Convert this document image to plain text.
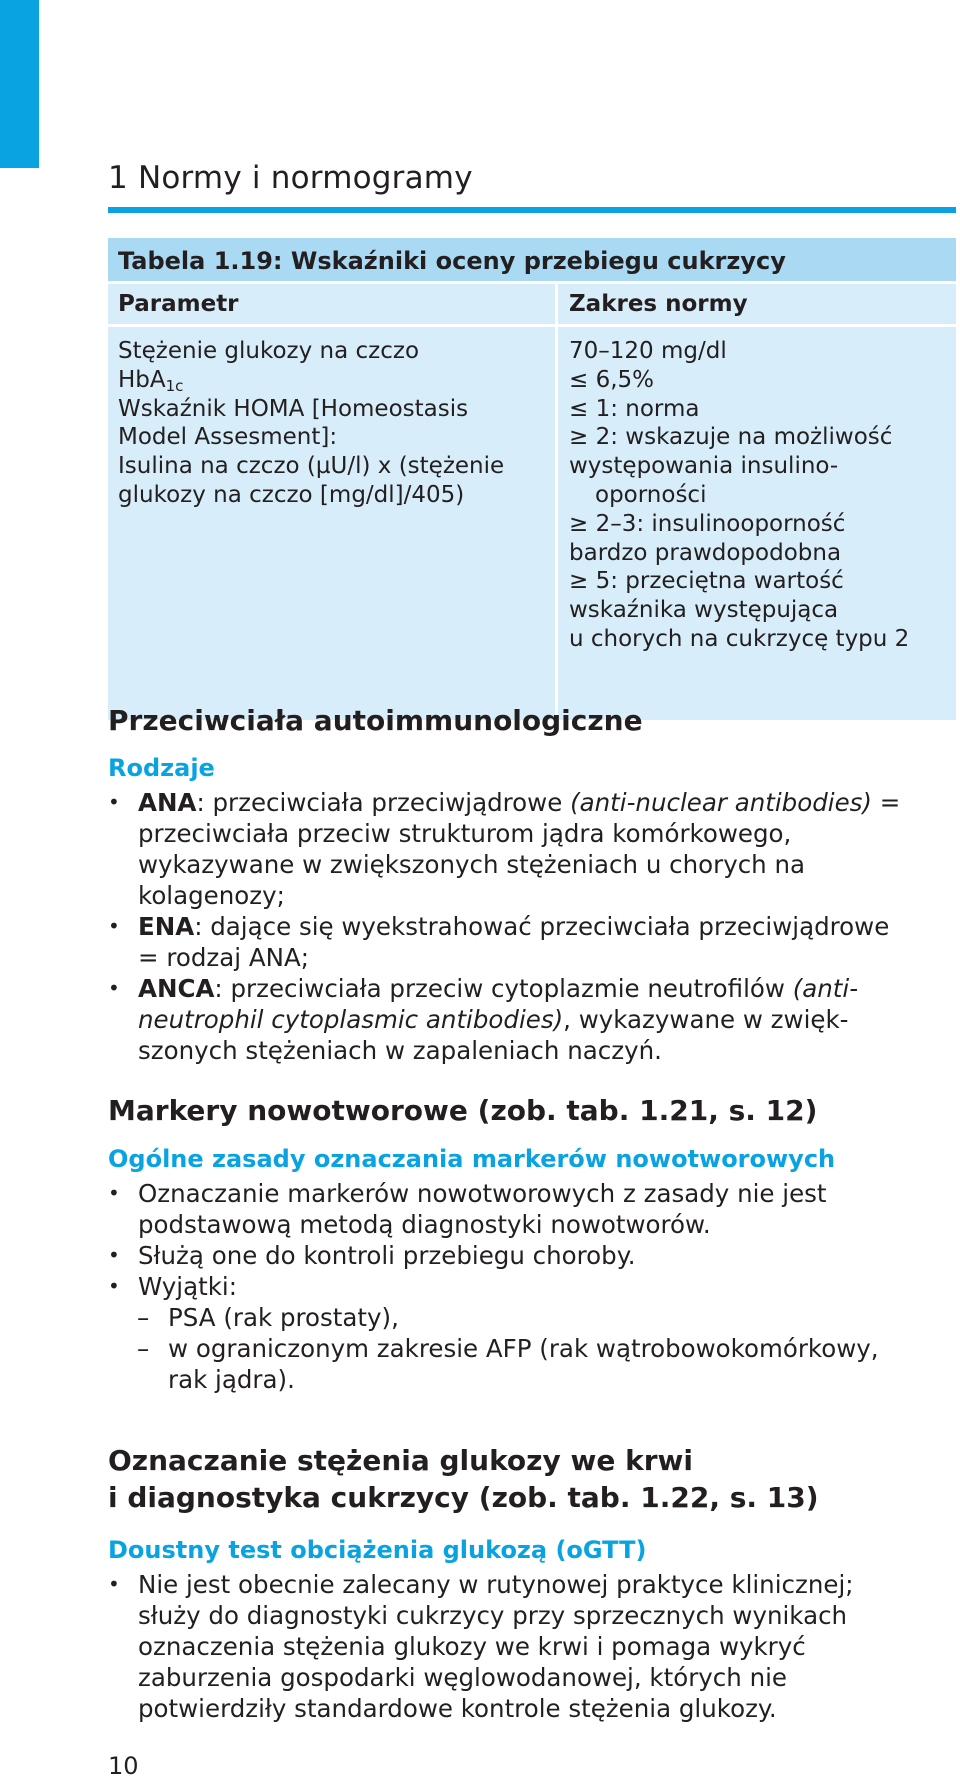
1 Normy i normogramy
Tabela 1.19: Wskaźniki oceny przebiegu cukrzycy
Parametr	Zakres normy
Stężenie glukozy na czczo
HbA$_{1c}$
Wskaźnik HOMA [Homeostasis
Model Assesment]:
Isulina na czczo (µU/l) x (stężenie
glukozy na czczo [mg/dl]/405)
70–120 mg/dl
≤ 6,5%
≤ 1: norma
≥ 2: wskazuje na możliwość
występowania insulino-
oporności
≥ 2–3: insulinooporność
bardzo prawdopodobna
≥ 5: przeciętna wartość
wskaźnika występująca
u chorych na cukrzycę typu 2
Przeciwciała autoimmunologiczne
Rodzaje
• ANA: przeciwciała przeciwjądrowe (anti-nuclear antibodies) =
przeciwciała przeciw strukturom jądra komórkowego,
wykazywane w zwiększonych stężeniach u chorych na
kolagenozy;
• ENA: dające się wyekstrahować przeciwciała przeciwjądrowe
= rodzaj ANA;
• ANCA: przeciwciała przeciw cytoplazmie neutrofilów (anti-
neutrophil cytoplasmic antibodies), wykazywane w zwięk-
szonych stężeniach w zapaleniach naczyń.
Markery nowotworowe (zob. tab. 1.21, s. 12)
Ogólne zasady oznaczania markerów nowotworowych
• Oznaczanie markerów nowotworowych z zasady nie jest
podstawową metodą diagnostyki nowotworów.
• Służą one do kontroli przebiegu choroby.
• Wyjątki:
– PSA (rak prostaty),
– w ograniczonym zakresie AFP (rak wątrobowokomórkowy,
rak jądra).
Oznaczanie stężenia glukozy we krwi
i diagnostyka cukrzycy (zob. tab. 1.22, s. 13)
Doustny test obciążenia glukozą (oGTT)
• Nie jest obecnie zalecany w rutynowej praktyce klinicznej;
służy do diagnostyki cukrzycy przy sprzecznych wynikach
oznaczenia stężenia glukozy we krwi i pomaga wykryć
zaburzenia gospodarki węglowodanowej, których nie
potwierdziły standardowe kontrole stężenia glukozy.
10
